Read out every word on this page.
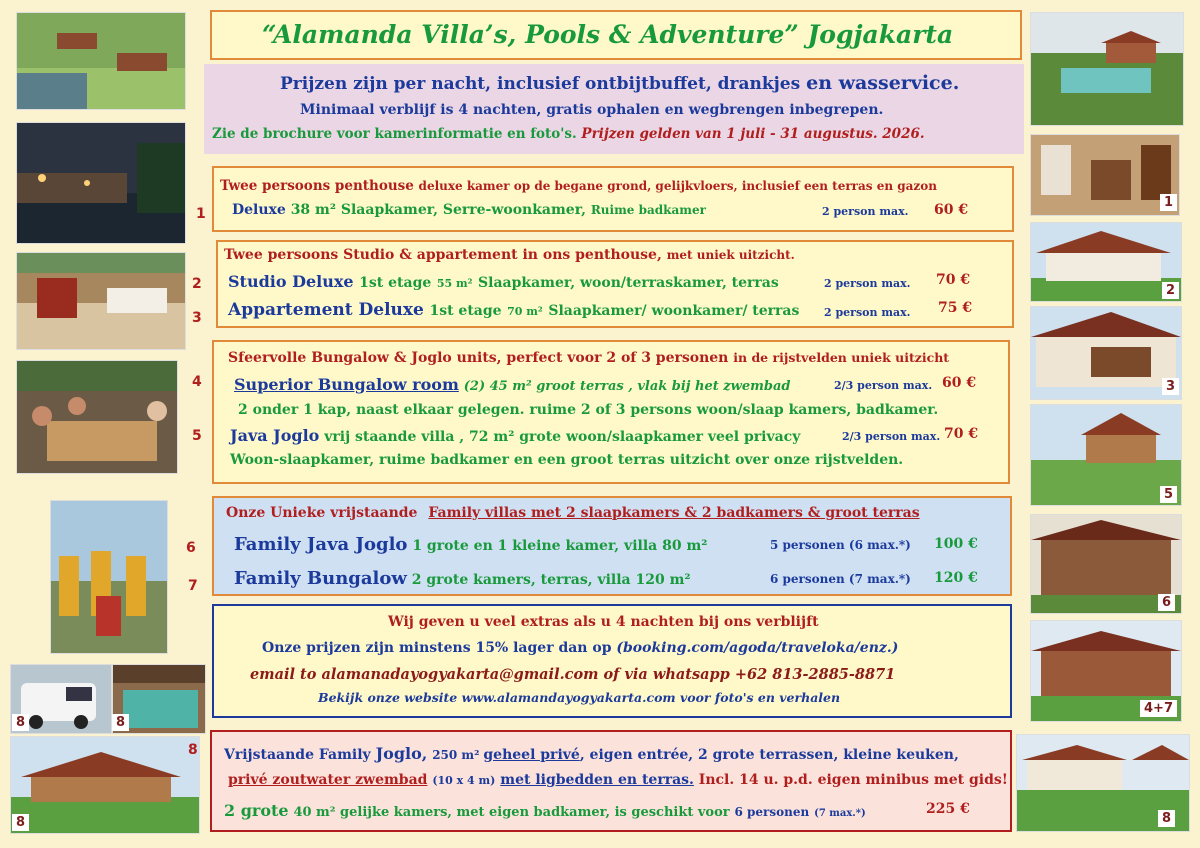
1
2
3
5
6
4+7
8
8	8
8
1
2
3
4
5
6
7
8
“Alamanda Villa’s, Pools & Adventure” Jogjakarta
Prijzen zijn per nacht, inclusief ontbijtbuffet, drankjes en wasservice.
Minimaal verblijf is 4 nachten, gratis ophalen en wegbrengen inbegrepen.
Zie de brochure voor kamerinformatie en foto's. Prijzen gelden van 1 juli - 31 augustus. 2026.
Twee persoons penthouse deluxe kamer op de begane grond, gelijkvloers, inclusief een terras en gazon
Deluxe 38 m² Slaapkamer, Serre-woonkamer, Ruime badkamer	2 person max. 60 €
Twee persoons Studio & appartement in ons penthouse, met uniek uitzicht.
Studio Deluxe 1st etage 55 m² Slaapkamer, woon/terraskamer, terras	2 person max. 70 €
Appartement Deluxe 1st etage 70 m² Slaapkamer/ woonkamer/ terras 2 person max. 75 €
Sfeervolle Bungalow & Joglo units, perfect voor 2 of 3 personen in de rijstvelden uniek uitzicht
Superior Bungalow room (2) 45 m² groot terras , vlak bij het zwembad	2/3 person max. 60 €
2 onder 1 kap, naast elkaar gelegen. ruime 2 of 3 persons woon/slaap kamers, badkamer.
Java Joglo vrij staande villa , 72 m² grote woon/slaapkamer veel privacy	2/3 person max. 70 €
Woon-slaapkamer, ruime badkamer en een groot terras uitzicht over onze rijstvelden.
Onze Unieke vrijstaande Family villas met 2 slaapkamers & 2 badkamers & groot terras
Family Java Joglo 1 grote en 1 kleine kamer, villa 80 m²	5 personen (6 max.*) 100 €
Family Bungalow 2 grote kamers, terras, villa 120 m²	6 personen (7 max.*) 120 €
Wij geven u veel extras als u 4 nachten bij ons verblijft
Onze prijzen zijn minstens 15% lager dan op (booking.com/agoda/traveloka/enz.)
email to alamanadayogyakarta@gmail.com of via whatsapp +62 813-2885-8871
Bekijk onze website www.alamandayogyakarta.com voor foto's en verhalen
Vrijstaande Family Joglo, 250 m² geheel privé, eigen entrée, 2 grote terrassen, kleine keuken,
privé zoutwater zwembad (10 x 4 m) met ligbedden en terras. Incl. 14 u. p.d. eigen minibus met gids!
2 grote 40 m² gelijke kamers, met eigen badkamer, is geschikt voor 6 personen (7 max.*)	225 €
